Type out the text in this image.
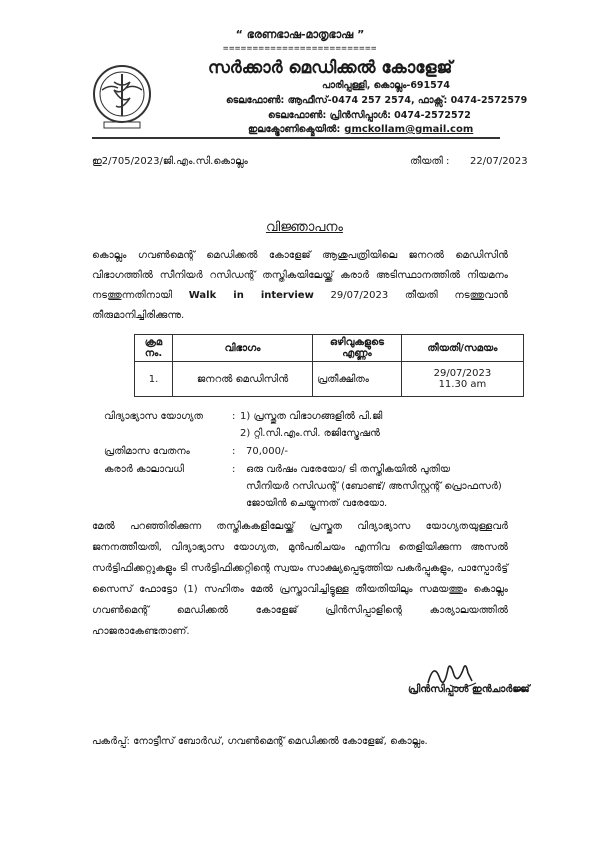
“ ഭരണഭാഷ-മാതൃഭാഷ ”
==========================
സർക്കാർ മെഡിക്കൽ കോളേജ്
പാരിപ്പള്ളി, കൊല്ലം-691574
ടെലഫോൺ: ആഫീസ്-0474 257 2574, ഫാക്സ്: 0474-2572579
ടെലഫോൺ: പ്രിൻസിപ്പാൾ: 0474-2572572
ഇലക്ട്രോണിക്മെയിൽ: gmckollam@gmail.com
ഇ2/705/2023/ജി.എം.സി.കൊല്ലം	തീയതി : 22/07/2023
വിജ്ഞാപനം
കൊല്ലം ഗവൺമെന്റ് മെഡിക്കൽ കോളേജ് ആശുപത്രിയിലെ ജനറൽ മെഡിസിൻ വിഭാഗത്തിൽ സീനിയർ റസിഡന്റ് തസ്തികയിലേയ്ക്ക് കരാർ അടിസ്ഥാനത്തിൽ നിയമനം നടത്തുന്നതിനായി Walk in interview 29/07/2023 തീയതി നടത്തുവാൻ തീരുമാനിച്ചിരിക്കുന്നു.
ക്രമ നം.	വിഭാഗം	ഒഴിവുകളുടെ എണ്ണം	തീയതി/സമയം
1.	ജനറൽ മെഡിസിൻ	പ്രതീക്ഷിതം	29/07/2023
11.30 am
വിദ്യാഭ്യാസ യോഗ്യത	: 1) പ്രസ്തുത വിഭാഗങ്ങളിൽ പി.ജി
2) റ്റി.സി.എം.സി. രജിസ്ട്രേഷൻ
പ്രതിമാസ വേതനം	: 70,000/-
കരാർ കാലാവധി	: ഒരു വർഷം വരേയോ/ ടി തസ്തികയിൽ പുതിയ
സീനിയർ റസിഡന്റ് (ബോണ്ട്/ അസിസ്റ്റന്റ് പ്രൊഫസർ)
ജോയിൻ ചെയ്യുന്നത് വരേയോ.
മേൽ പറഞ്ഞിരിക്കുന്ന തസ്തികകളിലേയ്ക്ക് പ്രസ്തുത വിദ്യാഭ്യാസ യോഗ്യതയുള്ളവർ ജനനത്തീയതി, വിദ്യാഭ്യാസ യോഗ്യത, മുൻപരിചയം എന്നിവ തെളിയിക്കുന്ന അസൽ സർട്ടിഫിക്കറ്റുകളും ടി സർട്ടിഫിക്കറ്റിന്റെ സ്വയം സാക്ഷ്യപ്പെടുത്തിയ പകർപ്പുകളും, പാസ്പോർട്ട് സൈസ് ഫോട്ടോ (1) സഹിതം മേൽ പ്രസ്താവിച്ചിട്ടുള്ള തീയതിയിലും സമയത്തും കൊല്ലം ഗവൺമെന്റ് മെഡിക്കൽ കോളേജ് പ്രിൻസിപ്പാളിന്റെ കാര്യാലയത്തിൽ ഹാജരാകേണ്ടതാണ്.
പ്രിൻസിപ്പാൾ ഇൻചാർജ്ജ്
പകർപ്പ്: നോട്ടീസ് ബോർഡ്, ഗവൺമെന്റ് മെഡിക്കൽ കോളേജ്, കൊല്ലം.
